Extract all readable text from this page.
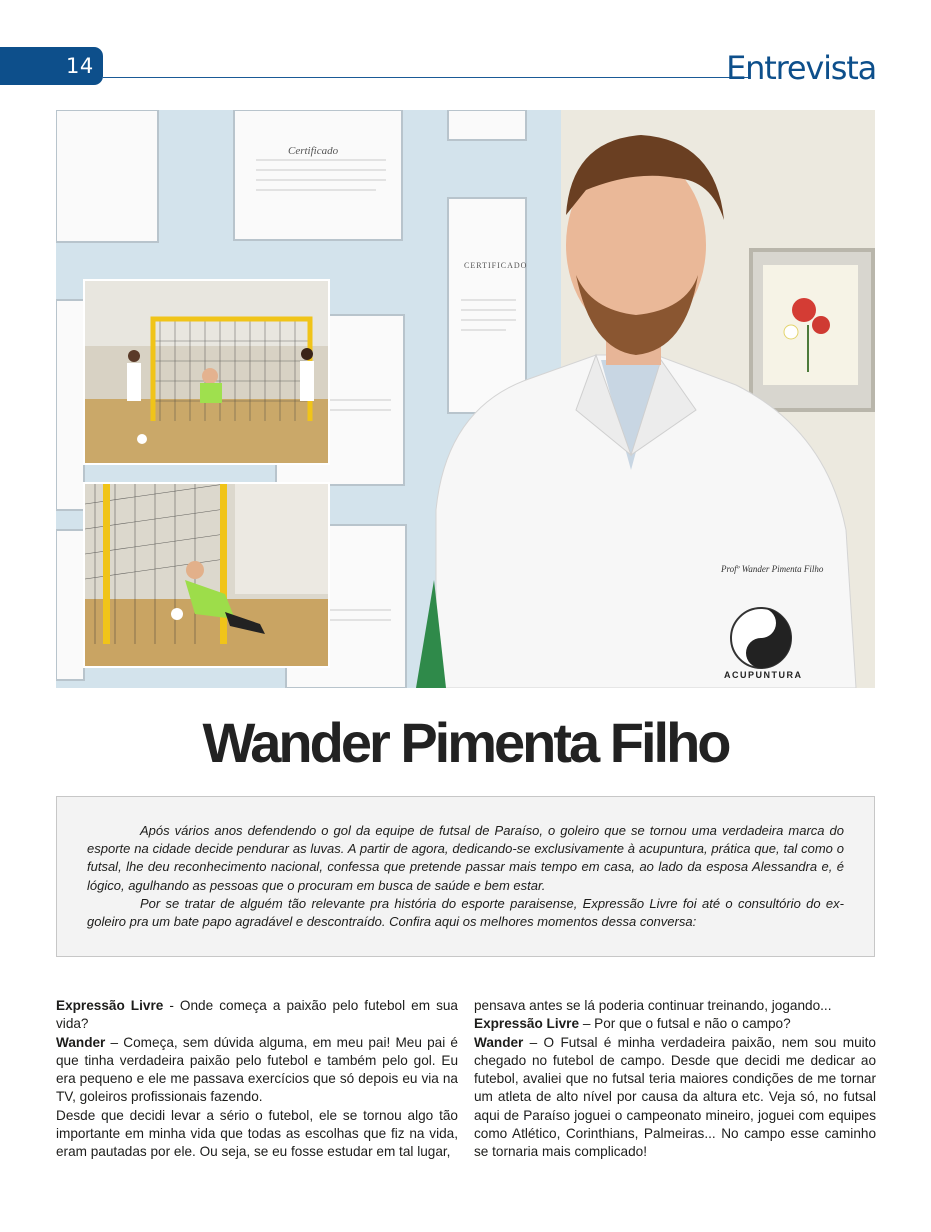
14	Entrevista
Certificado
CERTIFICADO
ACUPUNTURA
Profº Wander Pimenta Filho
Wander Pimenta Filho

Após vários anos defendendo o gol da equipe de futsal de Paraíso, o goleiro que se tornou uma verdadeira marca do esporte na cidade decide pendurar as luvas. A partir de agora, dedicando-se exclusivamente à acupuntura, prática que, tal como o futsal, lhe deu reconhecimento nacional, confessa que pretende passar mais tempo em casa, ao lado da esposa Alessandra e, é lógico, agulhando as pessoas que o procuram em busca de saúde e bem estar.

Por se tratar de alguém tão relevante pra história do esporte paraisense, Expressão Livre foi até o consultório do ex-goleiro pra um bate papo agradável e descontraído. Confira aqui os melhores momentos dessa conversa:

Expressão Livre - Onde começa a paixão pelo futebol em sua vida?

Wander – Começa, sem dúvida alguma, em meu pai! Meu pai é que tinha verdadeira paixão pelo futebol e também pelo gol. Eu era pequeno e ele me passava exercícios que só depois eu via na TV, goleiros profissionais fazendo.

Desde que decidi levar a sério o futebol, ele se tornou algo tão importante em minha vida que todas as escolhas que fiz na vida, eram pautadas por ele. Ou seja, se eu fosse estudar em tal lugar,

pensava antes se lá poderia continuar treinando, jogando...

Expressão Livre – Por que o futsal e não o campo?

Wander – O Futsal é minha verdadeira paixão, nem sou muito chegado no futebol de campo. Desde que decidi me dedicar ao futebol, avaliei que no futsal teria maiores condições de me tornar um atleta de alto nível por causa da altura etc. Veja só, no futsal aqui de Paraíso joguei o campeonato mineiro, joguei com equipes como Atlético, Corinthians, Palmeiras... No campo esse caminho se tornaria mais complicado!
